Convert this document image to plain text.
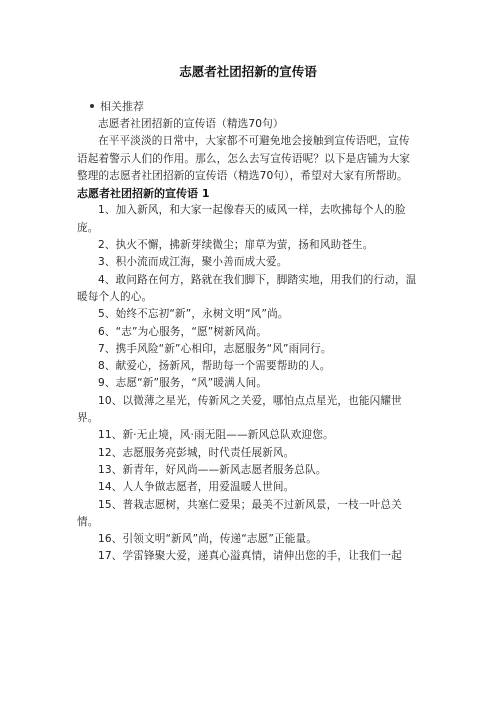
志愿者社团招新的宣传语
相关推荐

志愿者社团招新的宣传语（精选70句）

在平平淡淡的日常中，大家都不可避免地会接触到宣传语吧，宣传语起着警示人们的作用。那么，怎么去写宣传语呢？以下是店铺为大家整理的志愿者社团招新的宣传语（精选70句），希望对大家有所帮助。

志愿者社团招新的宣传语 1

1、加入新风，和大家一起像春天的威风一样，去吹拂每个人的脸庞。

2、执火不懈，拂新芽续微尘；扉草为萤，扬和风助苍生。

3、积小流而成江海，聚小善而成大爱。

4、敢问路在何方，路就在我们脚下，脚踏实地，用我们的行动，温暖每个人的心。

5、始终不忘初“新”，永树文明“风”尚。

6、“志”为心服务，“愿”树新风尚。

7、携手风险“新”心相印，志愿服务“风”雨同行。

8、献爱心，扬新风，帮助每一个需要帮助的人。

9、志愿“新”服务，“风”暖满人间。

10、以微薄之星光，传新风之关爱，哪怕点点星光，也能闪耀世界。

11、新·无止境，风·雨无阻——新风总队欢迎您。

12、志愿服务亮彭城，时代责任展新风。

13、新青年，好风尚——新风志愿者服务总队。

14、人人争做志愿者，用爱温暖人世间。

15、普栽志愿树，共塞仁爱果；最美不过新风景，一枝一叶总关情。

16、引领文明“新风”尚，传递“志愿”正能量。

17、学雷锋聚大爱，递真心溢真情，请伸出您的手，让我们一起
